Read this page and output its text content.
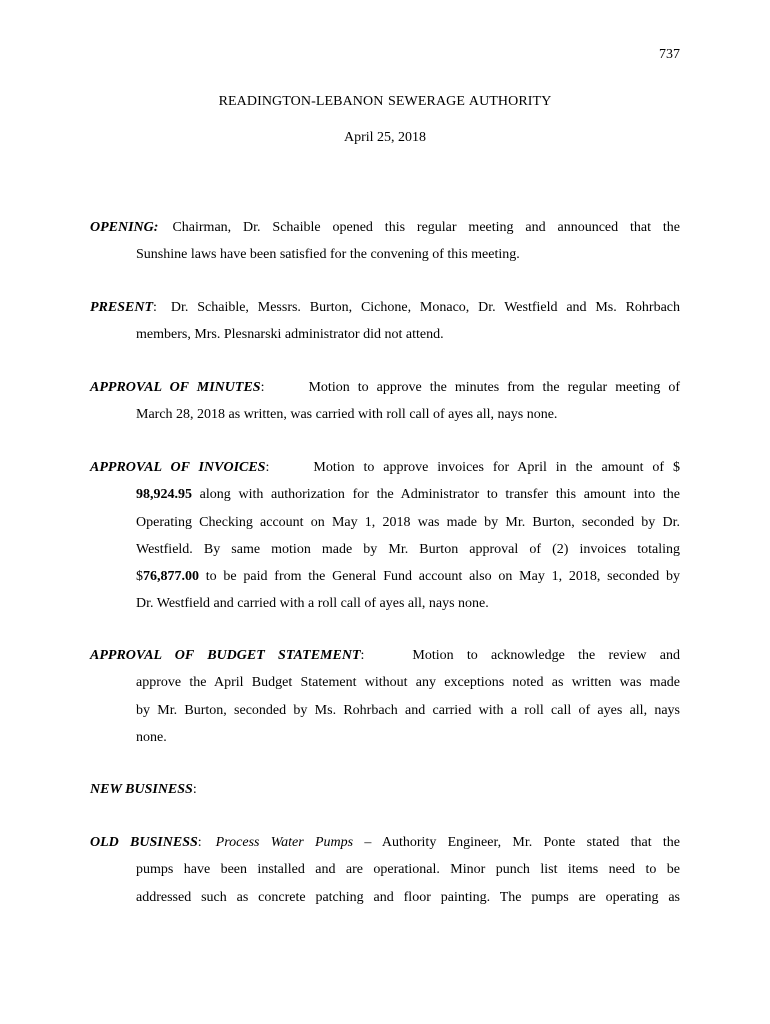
737
READINGTON-LEBANON SEWERAGE AUTHORITY
April 25, 2018
OPENING: Chairman, Dr. Schaible opened this regular meeting and announced that the
Sunshine laws have been satisfied for the convening of this meeting.
PRESENT: Dr. Schaible, Messrs. Burton, Cichone, Monaco, Dr. Westfield and Ms. Rohrbach
members, Mrs. Plesnarski administrator did not attend.
APPROVAL OF MINUTES:	Motion to approve the minutes from the regular meeting of
March 28, 2018 as written, was carried with roll call of ayes all, nays none.
APPROVAL OF INVOICES:	Motion to approve invoices for April in the amount of $
98,924.95 along with authorization for the Administrator to transfer this amount into the
Operating Checking account on May 1, 2018 was made by Mr. Burton, seconded by Dr.
Westfield. By same motion made by Mr. Burton approval of (2) invoices totaling
$76,877.00 to be paid from the General Fund account also on May 1, 2018, seconded by
Dr. Westfield and carried with a roll call of ayes all, nays none.
APPROVAL OF BUDGET STATEMENT:	Motion to acknowledge the review and
approve the April Budget Statement without any exceptions noted as written was made
by Mr. Burton, seconded by Ms. Rohrbach and carried with a roll call of ayes all, nays
none.
NEW BUSINESS:
OLD BUSINESS: Process Water Pumps – Authority Engineer, Mr. Ponte stated that the
pumps have been installed and are operational. Minor punch list items need to be
addressed such as concrete patching and floor painting. The pumps are operating as
